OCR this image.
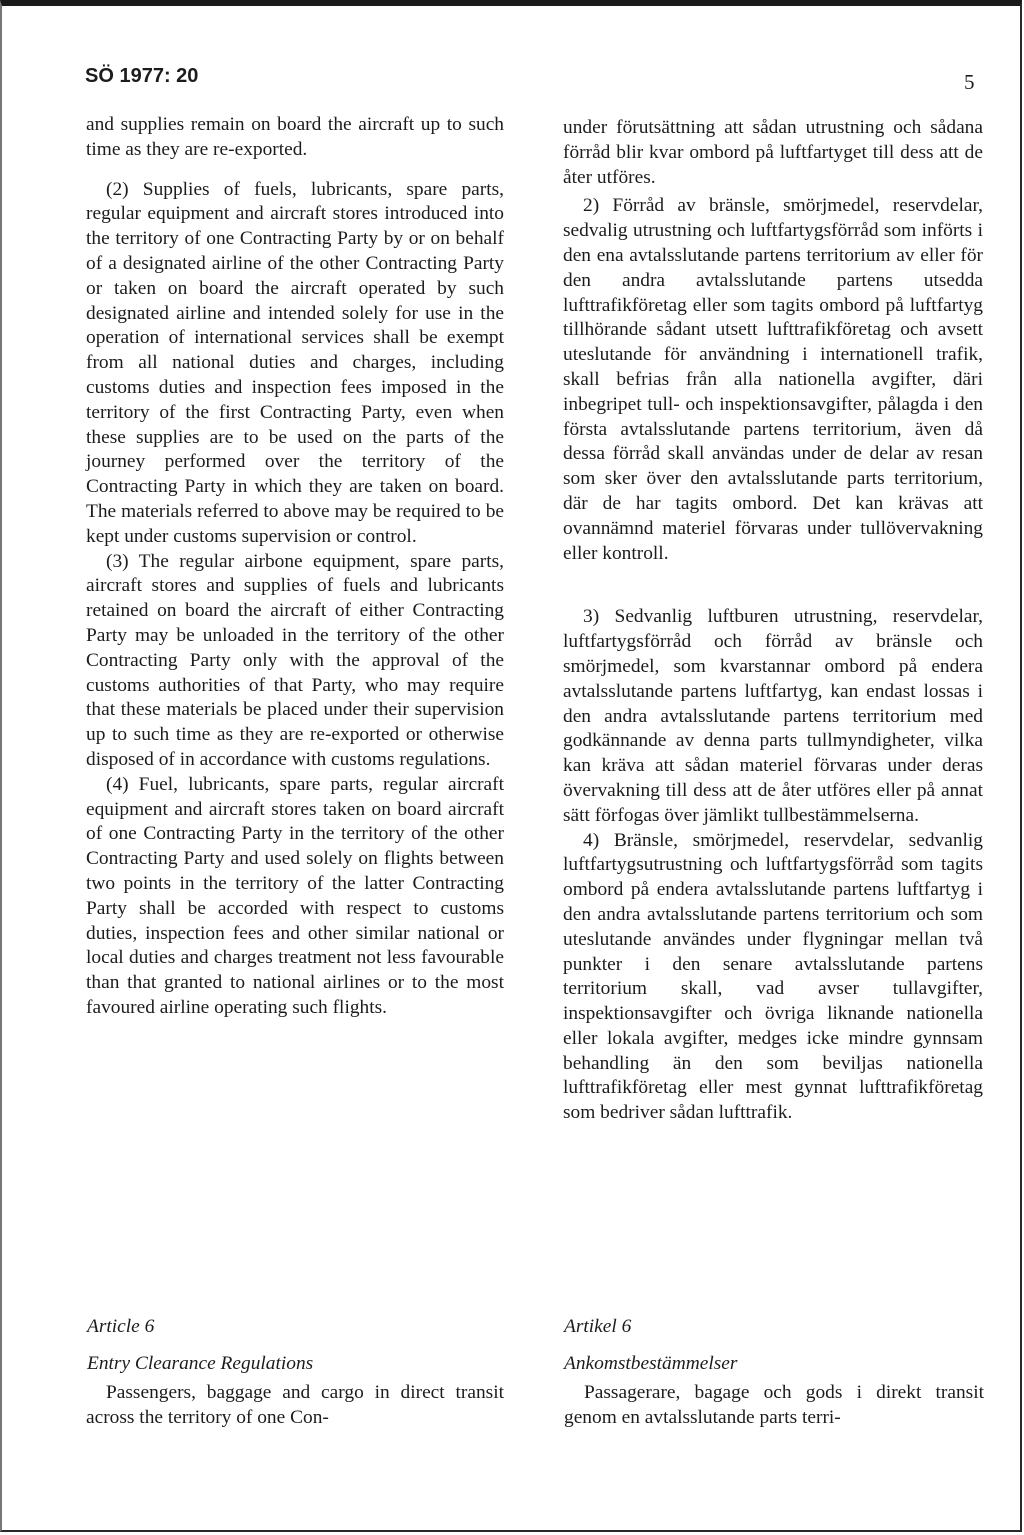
SÖ 1977: 20	5

and supplies remain on board the aircraft up to such time as they are re-exported.

(2) Supplies of fuels, lubricants, spare parts, regular equipment and aircraft stores introduced into the territory of one Contracting Party by or on behalf of a designated airline of the other Contracting Party or taken on board the aircraft operated by such designated airline and intended solely for use in the operation of international services shall be exempt from all national duties and charges, including customs duties and inspection fees imposed in the territory of the first Contracting Party, even when these supplies are to be used on the parts of the journey performed over the territory of the Contracting Party in which they are taken on board. The materials referred to above may be required to be kept under customs supervision or control.

(3) The regular airbone equipment, spare parts, aircraft stores and supplies of fuels and lubricants retained on board the aircraft of either Contracting Party may be unloaded in the territory of the other Contracting Party only with the approval of the customs authorities of that Party, who may require that these materials be placed under their supervision up to such time as they are re-exported or otherwise disposed of in accordance with customs regulations.

(4) Fuel, lubricants, spare parts, regular aircraft equipment and aircraft stores taken on board aircraft of one Contracting Party in the territory of the other Contracting Party and used solely on flights between two points in the territory of the latter Contracting Party shall be accorded with respect to customs duties, inspection fees and other similar national or local duties and charges treatment not less favourable than that granted to national airlines or to the most favoured airline operating such flights.

under förutsättning att sådan utrustning och sådana förråd blir kvar ombord på luftfartyget till dess att de åter utföres.

2) Förråd av bränsle, smörjmedel, reservdelar, sedvalig utrustning och luftfartygsförråd som införts i den ena avtalsslutande partens territorium av eller för den andra avtalsslutande partens utsedda lufttrafikföretag eller som tagits ombord på luftfartyg tillhörande sådant utsett lufttrafikföretag och avsett uteslutande för användning i internationell trafik, skall befrias från alla nationella avgifter, däri inbegripet tull- och inspektionsavgifter, pålagda i den första avtalsslutande partens territorium, även då dessa förråd skall användas under de delar av resan som sker över den avtalsslutande parts territorium, där de har tagits ombord. Det kan krävas att ovannämnd materiel förvaras under tullövervakning eller kontroll.

3) Sedvanlig luftburen utrustning, reservdelar, luftfartygsförråd och förråd av bränsle och smörjmedel, som kvarstannar ombord på endera avtalsslutande partens luftfartyg, kan endast lossas i den andra avtalsslutande partens territorium med godkännande av denna parts tullmyndigheter, vilka kan kräva att sådan materiel förvaras under deras övervakning till dess att de åter utföres eller på annat sätt förfogas över jämlikt tullbestämmelserna.

4) Bränsle, smörjmedel, reservdelar, sedvanlig luftfartygsutrustning och luftfartygsförråd som tagits ombord på endera avtalsslutande partens luftfartyg i den andra avtalsslutande partens territorium och som uteslutande användes under flygningar mellan två punkter i den senare avtalsslutande partens territorium skall, vad avser tullavgifter, inspektionsavgifter och övriga liknande nationella eller lokala avgifter, medges icke mindre gynnsam behandling än den som beviljas nationella lufttrafikföretag eller mest gynnat lufttrafikföretag som bedriver sådan lufttrafik.

Article 6
Entry Clearance Regulations
Passengers, baggage and cargo in direct transit across the territory of one Con-
Artikel 6
Ankomstbestämmelser
Passagerare, bagage och gods i direkt transit genom en avtalsslutande parts terri-
